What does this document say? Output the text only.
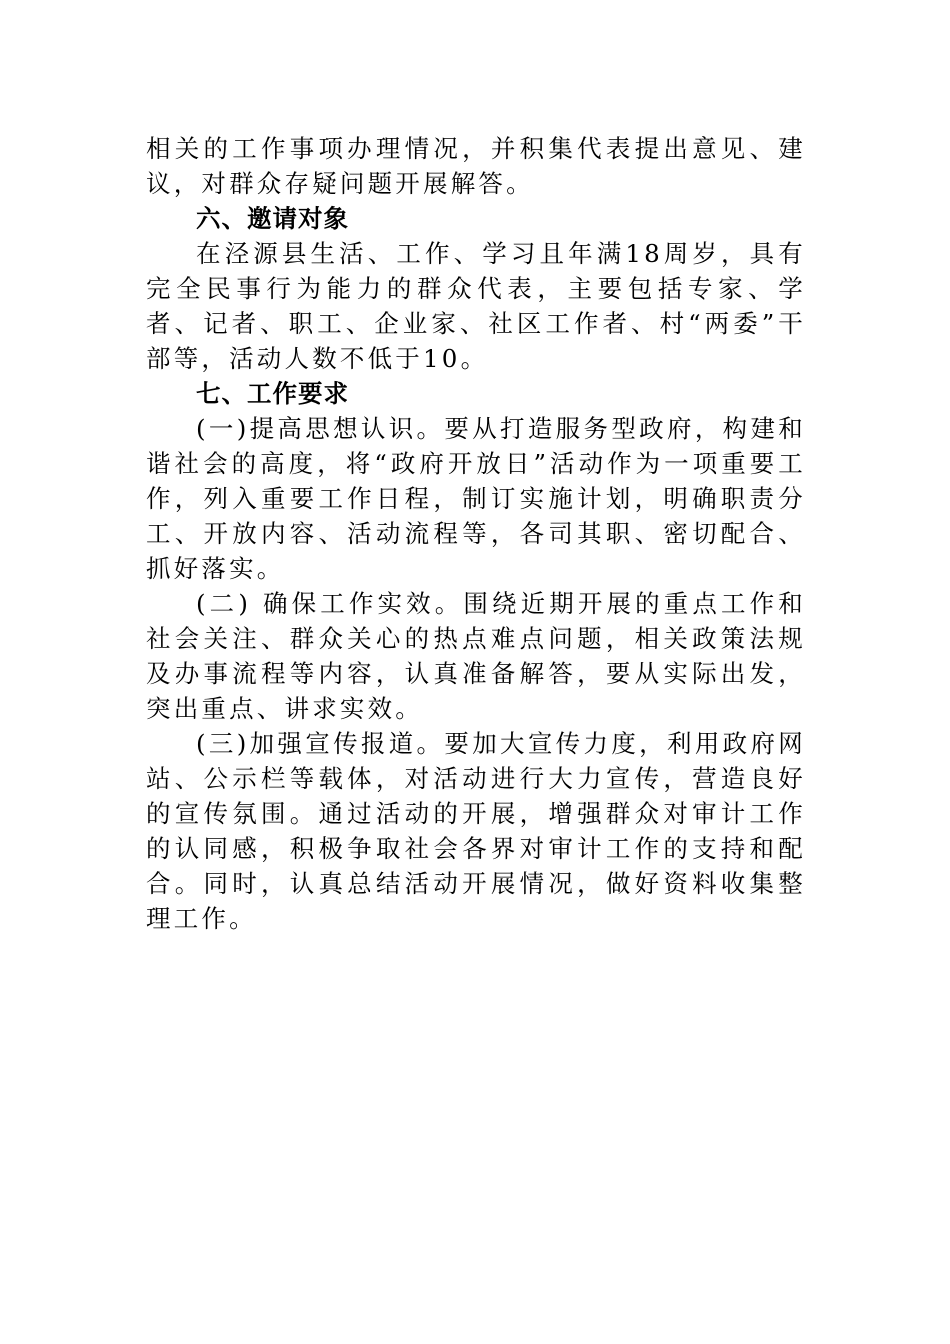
相关的工作事项办理情况，并积集代表提出意见、建议，对群众存疑问题开展解答。

六、邀请对象

在泾源县生活、工作、学习且年满18周岁，具有完全民事行为能力的群众代表，主要包括专家、学者、记者、职工、企业家、社区工作者、村“两委”干部等，活动人数不低于10。

七、工作要求

(一)提高思想认识。要从打造服务型政府，构建和谐社会的高度，将“政府开放日”活动作为一项重要工作，列入重要工作日程，制订实施计划，明确职责分工、开放内容、活动流程等，各司其职、密切配合、抓好落实。

(二) 确保工作实效。围绕近期开展的重点工作和社会关注、群众关心的热点难点问题，相关政策法规及办事流程等内容，认真准备解答，要从实际出发，突出重点、讲求实效。

(三)加强宣传报道。要加大宣传力度，利用政府网站、公示栏等载体，对活动进行大力宣传，营造良好的宣传氛围。通过活动的开展，增强群众对审计工作的认同感，积极争取社会各界对审计工作的支持和配合。同时，认真总结活动开展情况，做好资料收集整理工作。
